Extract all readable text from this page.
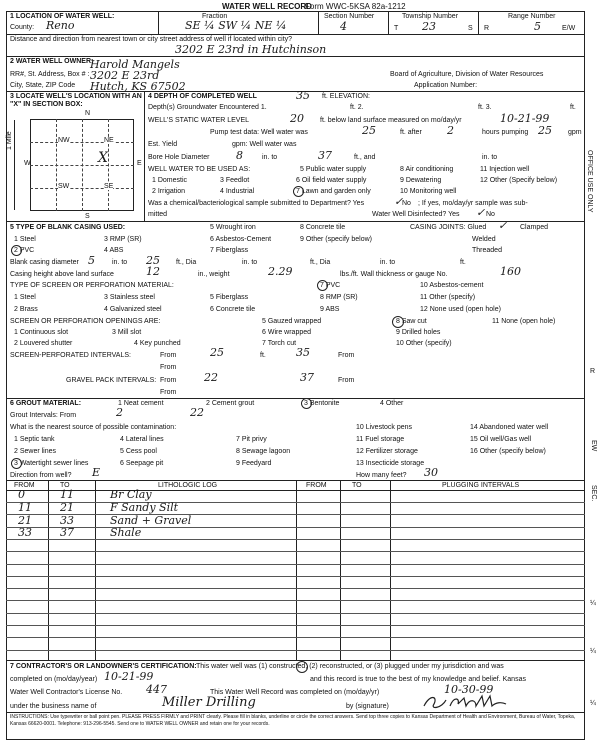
WATER WELL RECORD
Form WWC-5 KSA 82a-1212
1 LOCATION OF WATER WELL:
County: Reno
Fraction
SE ¼ SW ¼ NE ¼
Section Number
4
Township Number
T 23	S
Range Number
R	5	E/W
Distance and direction from nearest town or city street address of well if located within city?
3202 E 23rd in Hutchinson
2 WATER WELL OWNER:
Harold Mangels
RR#, St. Address, Box # : 3202 E 23rd
City, State, ZIP Code Hutch, KS 67502
Board of Agriculture, Division of Water Resources
Application Number:
3 LOCATE WELL'S LOCATION WITH AN "X" IN SECTION BOX:
N
S
W	E
1 Mile	NW	NE
SW	SE
X
4 DEPTH OF COMPLETED WELL	35 ft. ELEVATION:
Depth(s) Groundwater Encountered 1.	ft. 2.	ft. 3.	ft.
WELL'S STATIC WATER LEVEL	20 ft. below land surface measured on mo/day/yr	10-21-99
Pump test data: Well water was	25	ft. after 2	hours pumping 25 gpm
Est. Yield	gpm: Well water was
Bore Hole Diameter 8	in. to	37	ft., and	in. to
WELL WATER TO BE USED AS:
1 Domestic	3 Feedlot
5 Public water supply	8 Air conditioning	11 Injection well
2 Irrigation	4 Industrial	7 Lawn and garden only
9 Dewatering	12 Other (Specify below)
6 Oil field water supply
10 Monitoring well
Was a chemical/bacteriological sample submitted to Department? Yes	No
✓ ; If yes, mo/day/yr sample was sub-
mitted	Water Well Disinfected? Yes	No
✓
5 TYPE OF BLANK CASING USED:
1 Steel	3 RMP (SR)
5 Wrought iron	8 Concrete tile
2 PVC	4 ABS
6 Asbestos-Cement	9 Other (specify below)
7 Fiberglass
CASING JOINTS: Glued ✓ Clamped
Welded
Threaded
Blank casing diameter 5 in. to 25 ft., Dia	in. to	ft., Dia	in. to	ft.
Casing height above land surface	12	in., weight	2.29	lbs./ft. Wall thickness or gauge No.	160
TYPE OF SCREEN OR PERFORATION MATERIAL:
1 Steel	3 Stainless steel	5 Fiberglass
7 PVC	10 Asbestos-cement
2 Brass	4 Galvanized steel	6 Concrete tile
8 RMP (SR)	11 Other (specify)
9 ABS	12 None used (open hole)
SCREEN OR PERFORATION OPENINGS ARE:	5 Gauzed wrapped	8 Saw cut	11 None (open hole)
1 Continuous slot	3 Mill slot	6 Wire wrapped	9 Drilled holes
2 Louvered shutter	4 Key punched	7 Torch cut	10 Other (specify)
SCREEN-PERFORATED INTERVALS:	From	25	ft.	35	From
From
GRAVEL PACK INTERVALS: From	22	37	From
From
6 GROUT MATERIAL:	1 Neat cement	2 Cement grout	3 Bentonite	4 Other
Grout Intervals: From	2	22
What is the nearest source of possible contamination:
1 Septic tank	4 Lateral lines	7 Pit privy
10 Livestock pens	14 Abandoned water well
2 Sewer lines	5 Cess pool	8 Sewage lagoon
11 Fuel storage	15 Oil well/Gas well
3 Watertight sewer lines	6 Seepage pit	9 Feedyard
12 Fertilizer storage	16 Other (specify below)
13 Insecticide storage
Direction from well? E	How many feet? 30
FROM	TO	LITHOLOGIC LOG	FROM	TO	PLUGGING INTERVALS
0	11	Br Clay
11	21	F Sandy Silt
21	33	Sand + Gravel
33	37	Shale
7 CONTRACTOR'S OR LANDOWNER'S CERTIFICATION: This water well was (1) constructed, (2) reconstructed, or (3) plugged under my jurisdiction and was
completed on (mo/day/year) 10-21-99	and this record is true to the best of my knowledge and belief. Kansas
Water Well Contractor's License No. 447	This Water Well Record was completed on (mo/day/yr)	10-30-99
under the business name of	Miller Drilling	by (signature)
INSTRUCTIONS: Use typewriter or ball point pen. PLEASE PRESS FIRMLY and PRINT clearly. Please fill in blanks, underline or circle the correct answers. Send top three copies to Kansas Department of Health and Environment, Bureau of Water, Topeka, Kansas 66620-0001. Telephone: 913-296-5545. Send one to WATER WELL OWNER and retain one for your records.
OFFICE USE ONLY
R
EW
SEC.
¼
¼
¼
